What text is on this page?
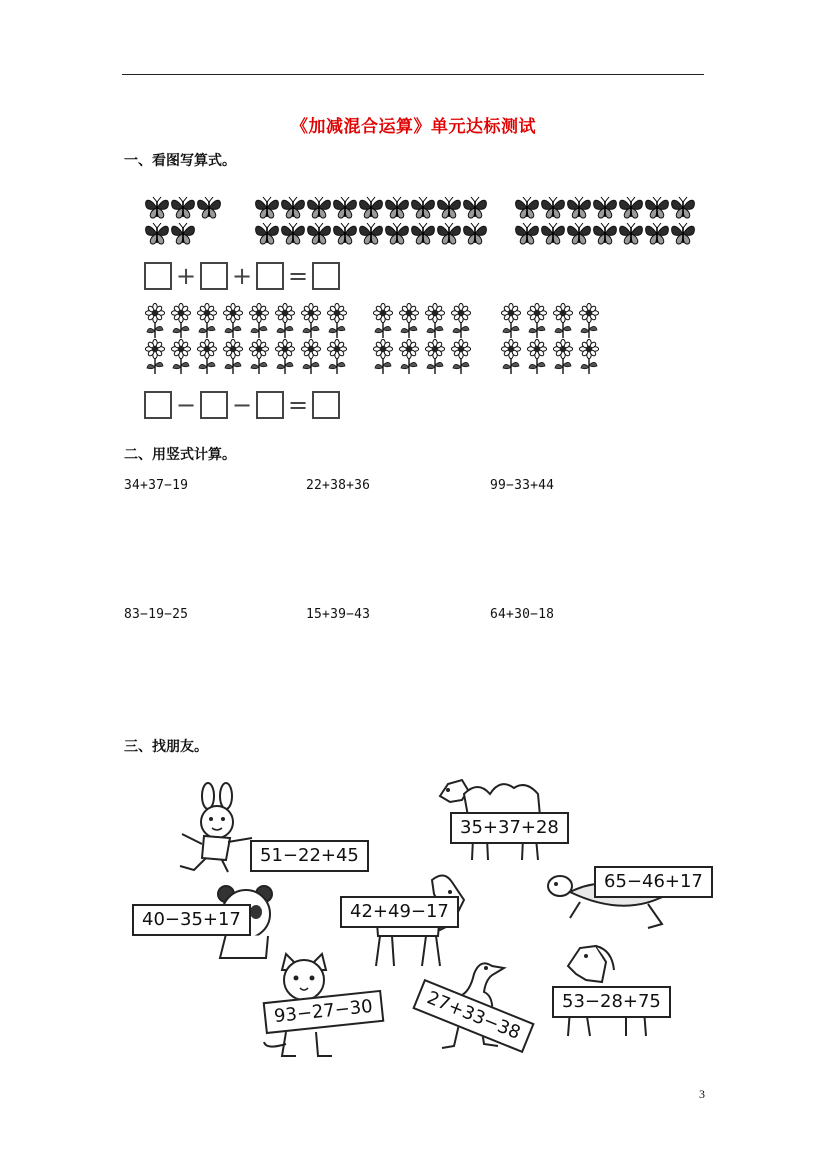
《加减混合运算》单元达标测试
一、看图写算式。
+ + =
− − =
二、用竖式计算。
34+37−19	22+38+36	99−33+44
83−19−25	15+39−43	64+30−18
三、找朋友。
51−22+45
35+37+28
65−46+17
40−35+17	42+49−17
93−27−30	27+33−38	53−28+75
3
